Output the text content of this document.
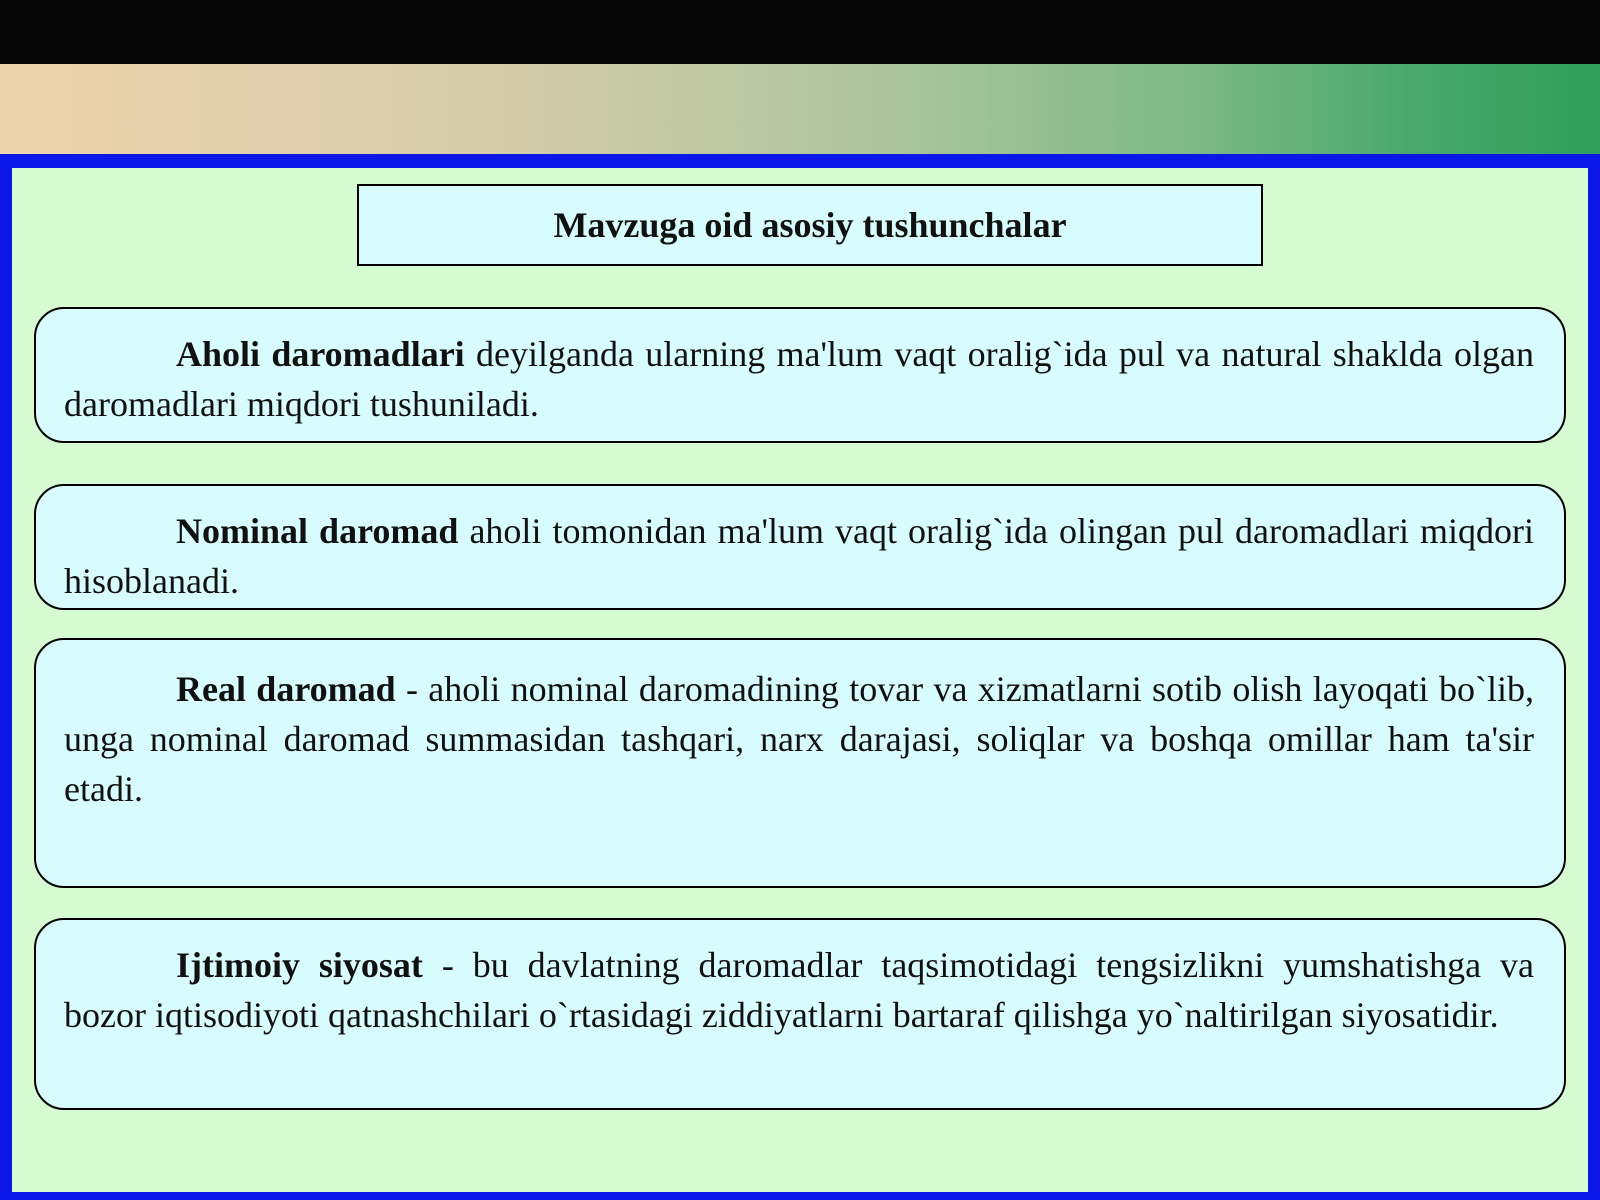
Mavzuga oid asosiy tushunchalar

Aholi daromadlari deyilganda ularning ma'lum vaqt oralig`ida pul va natural shaklda olgan daromadlari miqdori tushuniladi.

Nominal daromad aholi tomonidan ma'lum vaqt oralig`ida olingan pul daromadlari miqdori hisoblanadi.

Real daromad - aholi nominal daromadining tovar va xizmatlarni sotib olish layoqati bo`lib, unga nominal daromad summasidan tashqari, narx darajasi, soliqlar va boshqa omillar ham ta'sir etadi.

Ijtimoiy siyosat - bu davlatning daromadlar taqsimotidagi tengsizlikni yumshatishga va bozor iqtisodiyoti qatnashchilari o`rtasidagi ziddiyatlarni bartaraf qilishga yo`naltirilgan siyosatidir.
